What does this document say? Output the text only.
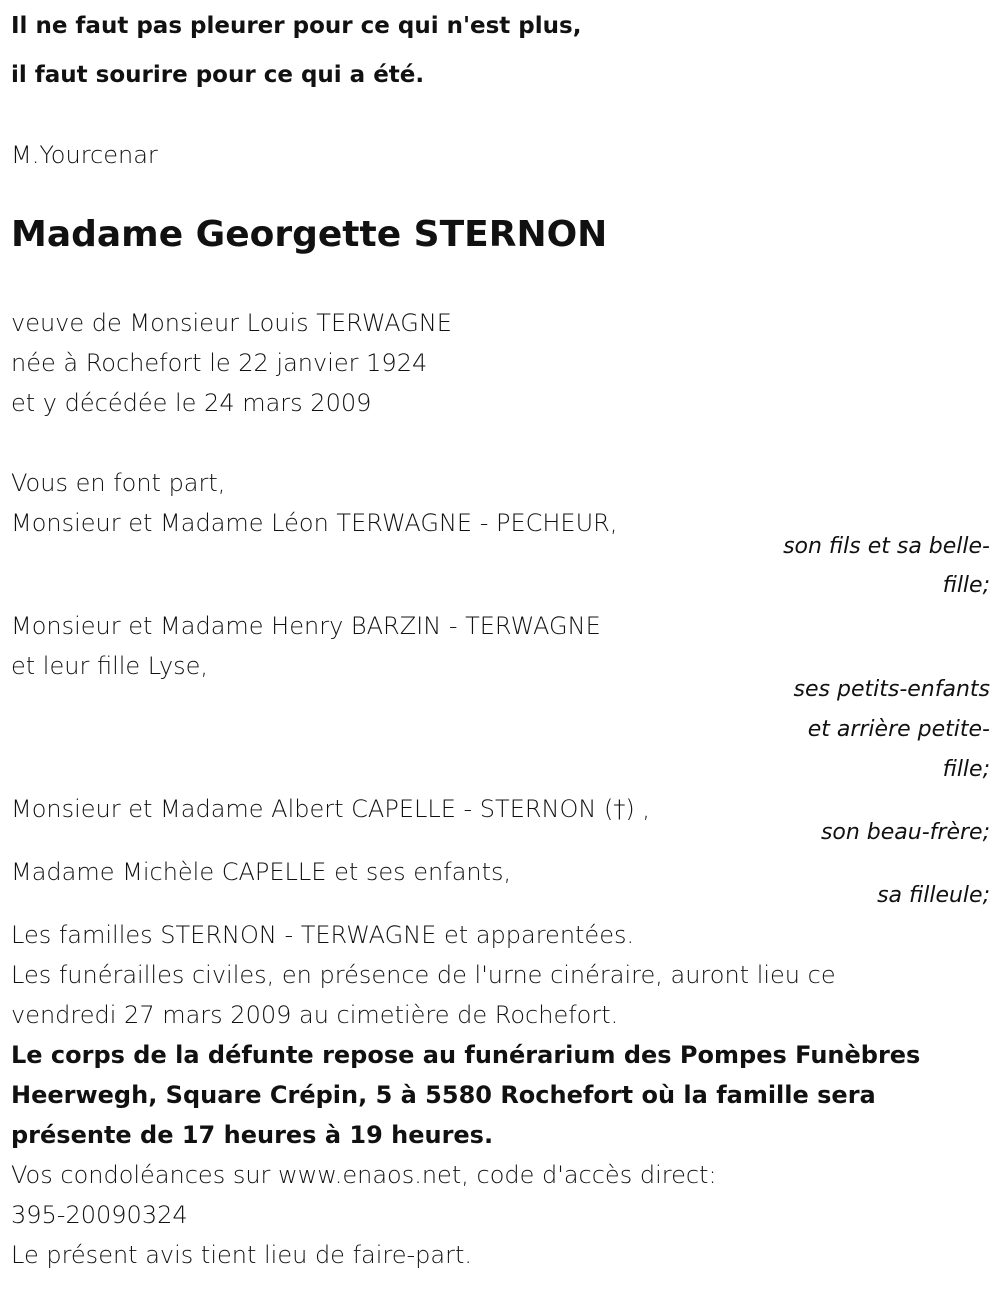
Il ne faut pas pleurer pour ce qui n'est plus,
il faut sourire pour ce qui a été.
M.Yourcenar
Madame Georgette STERNON
veuve de Monsieur Louis TERWAGNE
née à Rochefort le 22 janvier 1924
et y décédée le 24 mars 2009
Vous en font part,
Monsieur et Madame Léon TERWAGNE - PECHEUR,
son fils et sa belle-
fille;
Monsieur et Madame Henry BARZIN - TERWAGNE
et leur fille Lyse,
ses petits-enfants
et arrière petite-
fille;
Monsieur et Madame Albert CAPELLE - STERNON (†) ,
son beau-frère;
Madame Michèle CAPELLE et ses enfants,
sa filleule;
Les familles STERNON - TERWAGNE et apparentées.
Les funérailles civiles, en présence de l'urne cinéraire, auront lieu ce
vendredi 27 mars 2009 au cimetière de Rochefort.
Le corps de la défunte repose au funérarium des Pompes Funèbres
Heerwegh, Square Crépin, 5 à 5580 Rochefort où la famille sera
présente de 17 heures à 19 heures.
Vos condoléances sur www.enaos.net, code d'accès direct:
395-20090324
Le présent avis tient lieu de faire-part.
